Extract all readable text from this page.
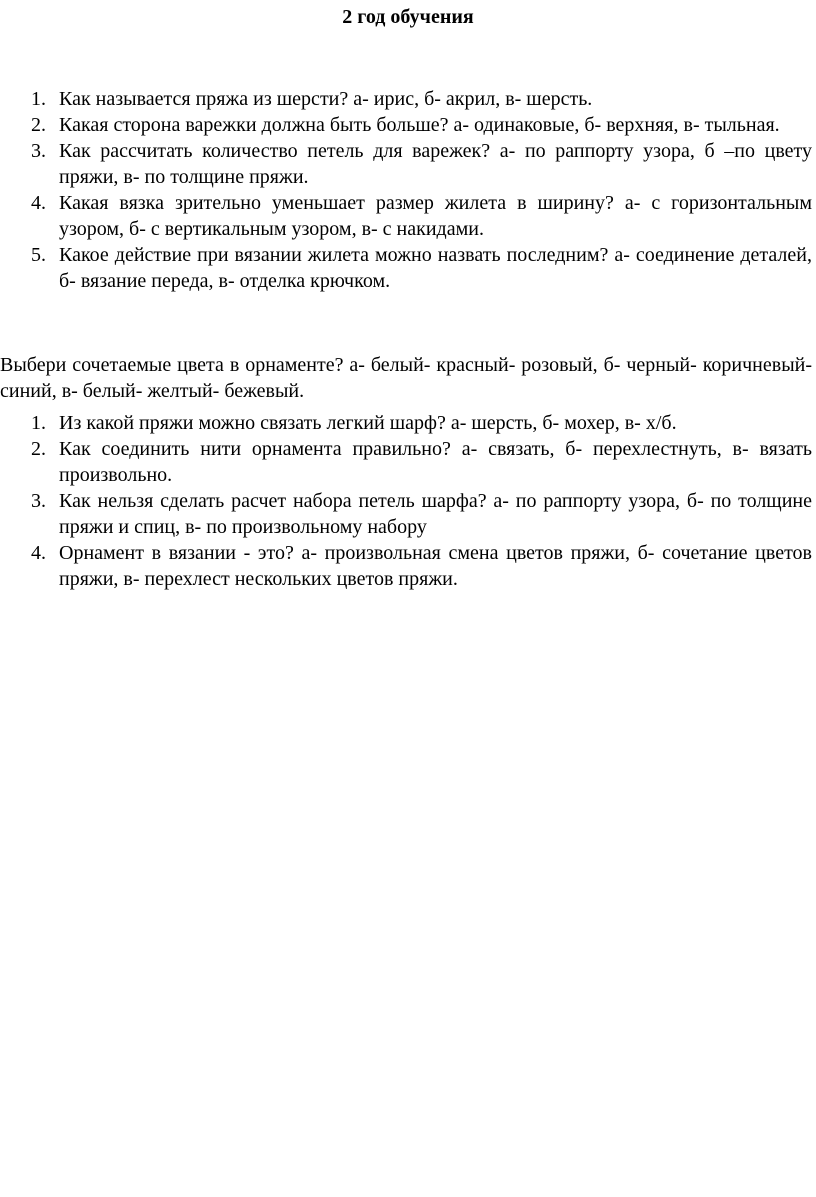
2 год обучения
1. Как называется пряжа из шерсти? а- ирис, б- акрил, в- шерсть.
2. Какая сторона варежки должна быть больше? а- одинаковые, б- верхняя, в- тыльная.
3. Как рассчитать количество петель для варежек? а- по раппорту узора, б –по цвету пряжи, в- по толщине пряжи.
4. Какая вязка зрительно уменьшает размер жилета в ширину? а- с горизонтальным узором, б- с вертикальным узором, в- с накидами.
5. Какое действие при вязании жилета можно назвать последним? а- соединение деталей, б- вязание переда, в- отделка крючком.

Выбери сочетаемые цвета в орнаменте? а- белый- красный- розовый, б- черный- коричневый- синий, в- белый- желтый- бежевый.

1. Из какой пряжи можно связать легкий шарф? а- шерсть, б- мохер, в- х/б.
2. Как соединить нити орнамента правильно? а- связать, б- перехлестнуть, в- вязать произвольно.
3. Как нельзя сделать расчет набора петель шарфа? а- по раппорту узора, б- по толщине пряжи и спиц, в- по произвольному набору
4. Орнамент в вязании - это? а- произвольная смена цветов пряжи, б- сочетание цветов пряжи, в- перехлест нескольких цветов пряжи.
